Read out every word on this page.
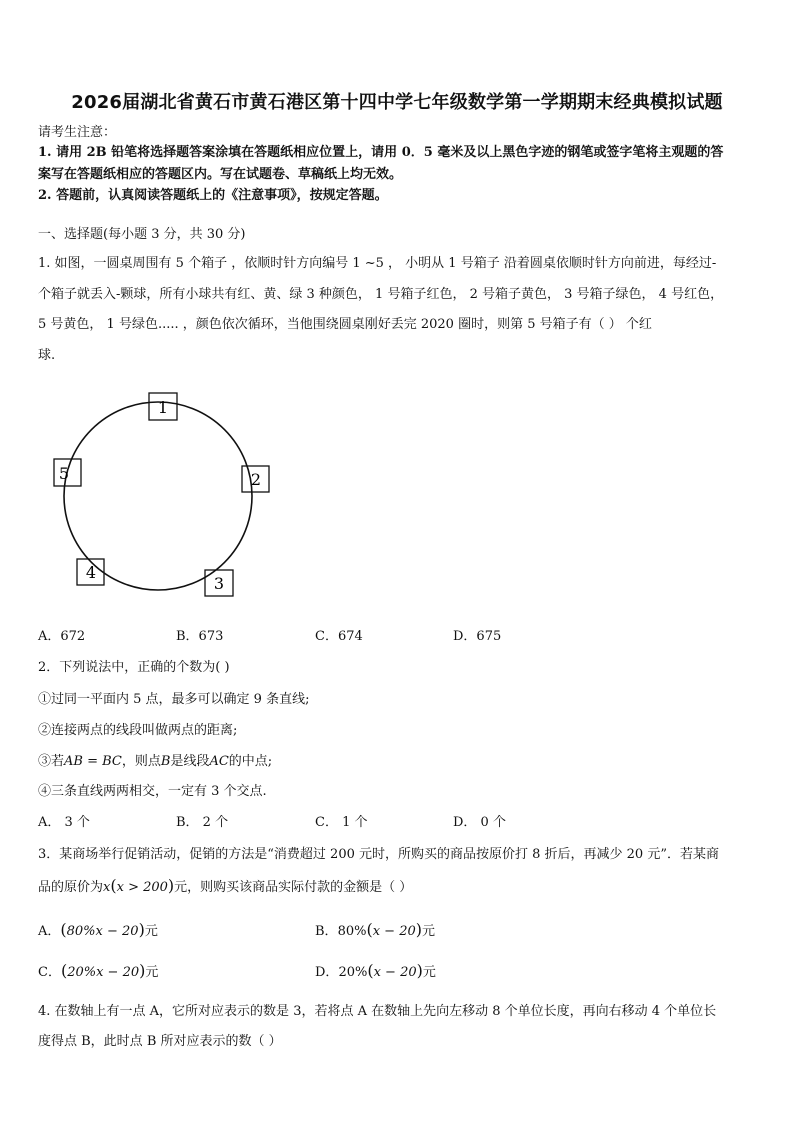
2026届湖北省黄石市黄石港区第十四中学七年级数学第一学期期末经典模拟试题
请考生注意：
1. 请用 2B 铅笔将选择题答案涂填在答题纸相应位置上，请用 0．5 毫米及以上黑色字迹的钢笔或签字笔将主观题的答
案写在答题纸相应的答题区内。写在试题卷、草稿纸上均无效。
2. 答题前，认真阅读答题纸上的《注意事项》，按规定答题。
一、选择题(每小题 3 分，共 30 分)
1. 如图，一圆桌周围有 5 个箱子 ，依顺时针方向编号 1 ~5 ， 小明从 1 号箱子 沿着圆桌依顺时针方向前进，每经过-
个箱子就丢入-颗球，所有小球共有红、黄、绿 3 种颜色， 1 号箱子红色， 2 号箱子黄色， 3 号箱子绿色， 4 号红色，
5 号黄色， 1 号绿色..... ，颜色依次循环，当他围绕圆桌刚好丢完 2020 圈时，则第 5 号箱子有（ ） 个红
球.
1
2
3
4
5
A．672	B．673	C．674	D．675
2．下列说法中，正确的个数为( )
①过同一平面内 5 点，最多可以确定 9 条直线;
②连接两点的线段叫做两点的距离;
③若AB = BC，则点B是线段AC的中点;
④三条直线两两相交，一定有 3 个交点.
A． 3 个	B． 2 个	C． 1 个	D． 0 个
3．某商场举行促销活动，促销的方法是“消费超过 200 元时，所购买的商品按原价打 8 折后，再减少 20 元”．若某商
品的原价为x(x > 200)元，则购买该商品实际付款的金额是（ ）
A．(80%x − 20)元	B．80%(x − 20)元
C．(20%x − 20)元	D．20%(x − 20)元
4. 在数轴上有一点 A，它所对应表示的数是 3，若将点 A 在数轴上先向左移动 8 个单位长度，再向右移动 4 个单位长
度得点 B，此时点 B 所对应表示的数（ ）
